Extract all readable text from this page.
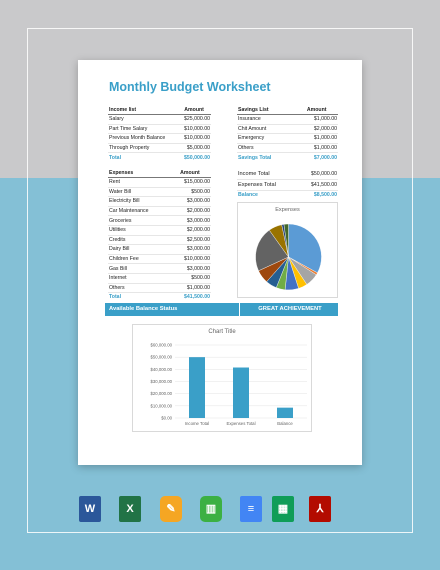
Monthly Budget Worksheet
Income list	Amount
Salary	$25,000.00
Part Time Salary	$10,000.00
Previous Month Balance	$10,000.00
Through Property	$5,000.00
Total	$50,000.00
Savings List	Amount
Insurance	$1,000.00
Chit Amount	$2,000.00
Emergency	$1,000.00
Others	$1,000.00
Savings Total	$7,000.00
Expenses	Amount
Rent	$15,000.00
Water Bill	$500.00
Electricity Bill	$3,000.00
Car Maintenance	$2,000.00
Groceries	$3,000.00
Utilities	$2,000.00
Credits	$2,500.00
Dairy Bill	$3,000.00
Children Fee	$10,000.00
Gas Bill	$3,000.00
Internet	$500.00
Others	$1,000.00
Total	$41,500.00
Income Total	$50,000.00
Expenses Total	$41,500.00
Balance	$8,500.00
Expenses
Available Balance Status	GREAT ACHIEVEMENT
Chart Title
$0.00
$10,000.00
$20,000.00
$30,000.00
$40,000.00
$50,000.00
$60,000.00
Income Total	Expenses Total	Balance
W	X	✎	▥	≡	▦	⅄
